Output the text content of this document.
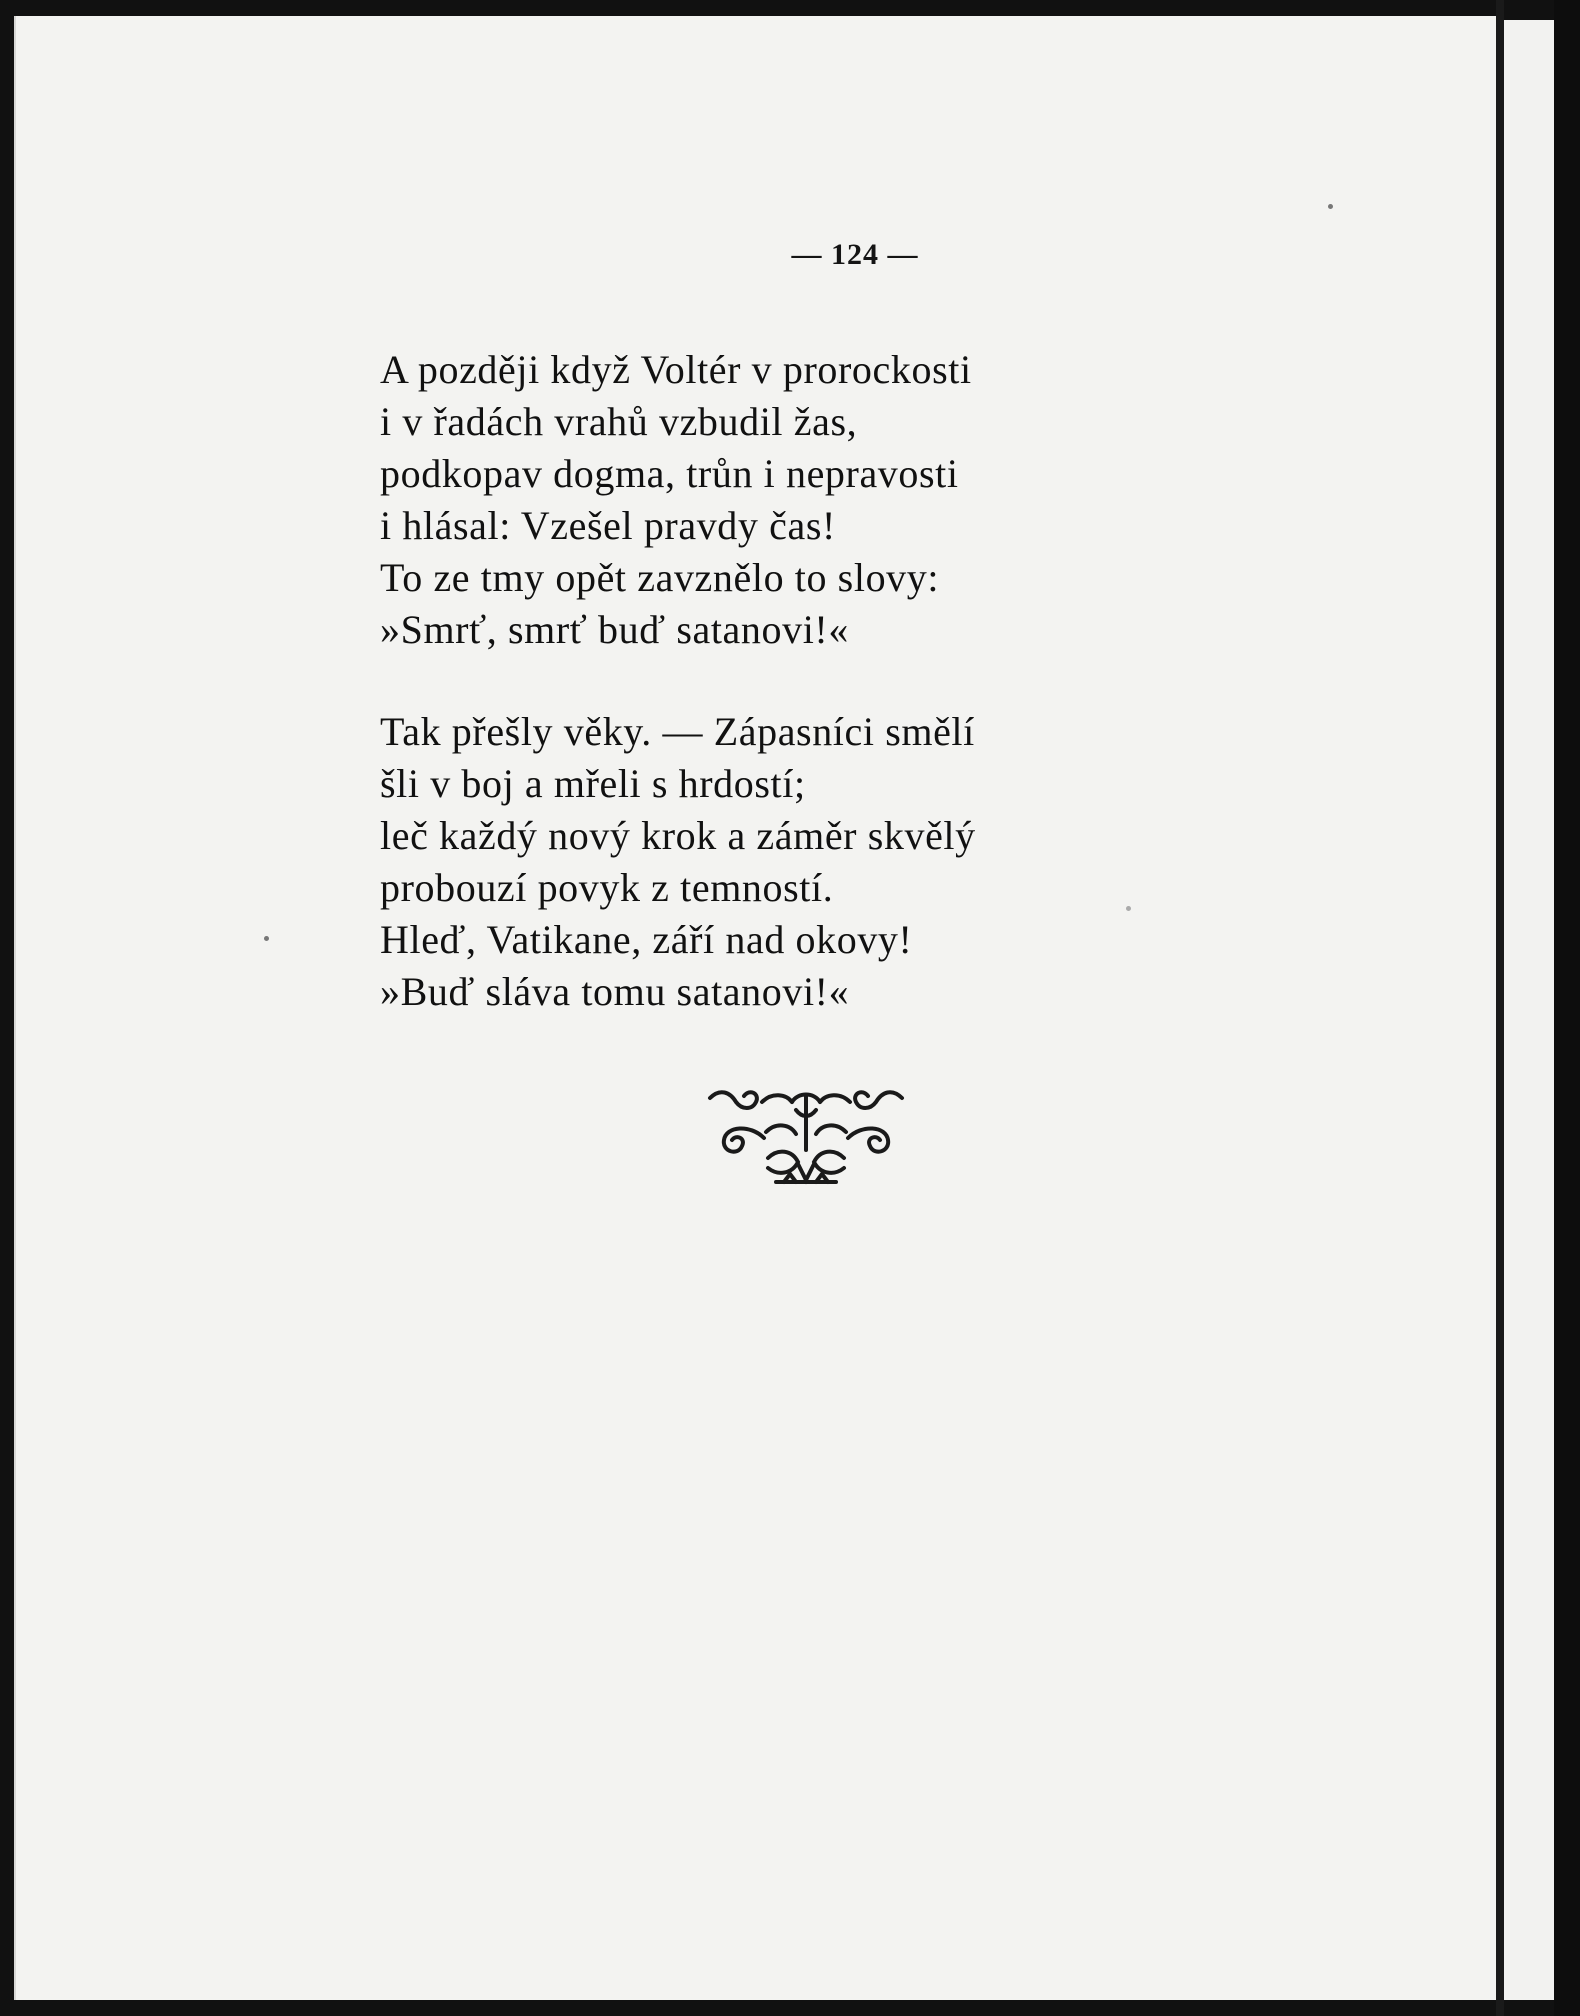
— 124 —
A později když Voltér v prorockosti
i v řadách vrahů vzbudil žas,
podkopav dogma, trůn i nepravosti
i hlásal: Vzešel pravdy čas!
To ze tmy opět zavznělo to slovy:
»Smrť, smrť buď satanovi!«
Tak přešly věky. — Zápasníci smělí
šli v boj a mřeli s hrdostí;
leč každý nový krok a záměr skvělý
probouzí povyk z temností.
Hleď, Vatikane, září nad okovy!
»Buď sláva tomu satanovi!«
